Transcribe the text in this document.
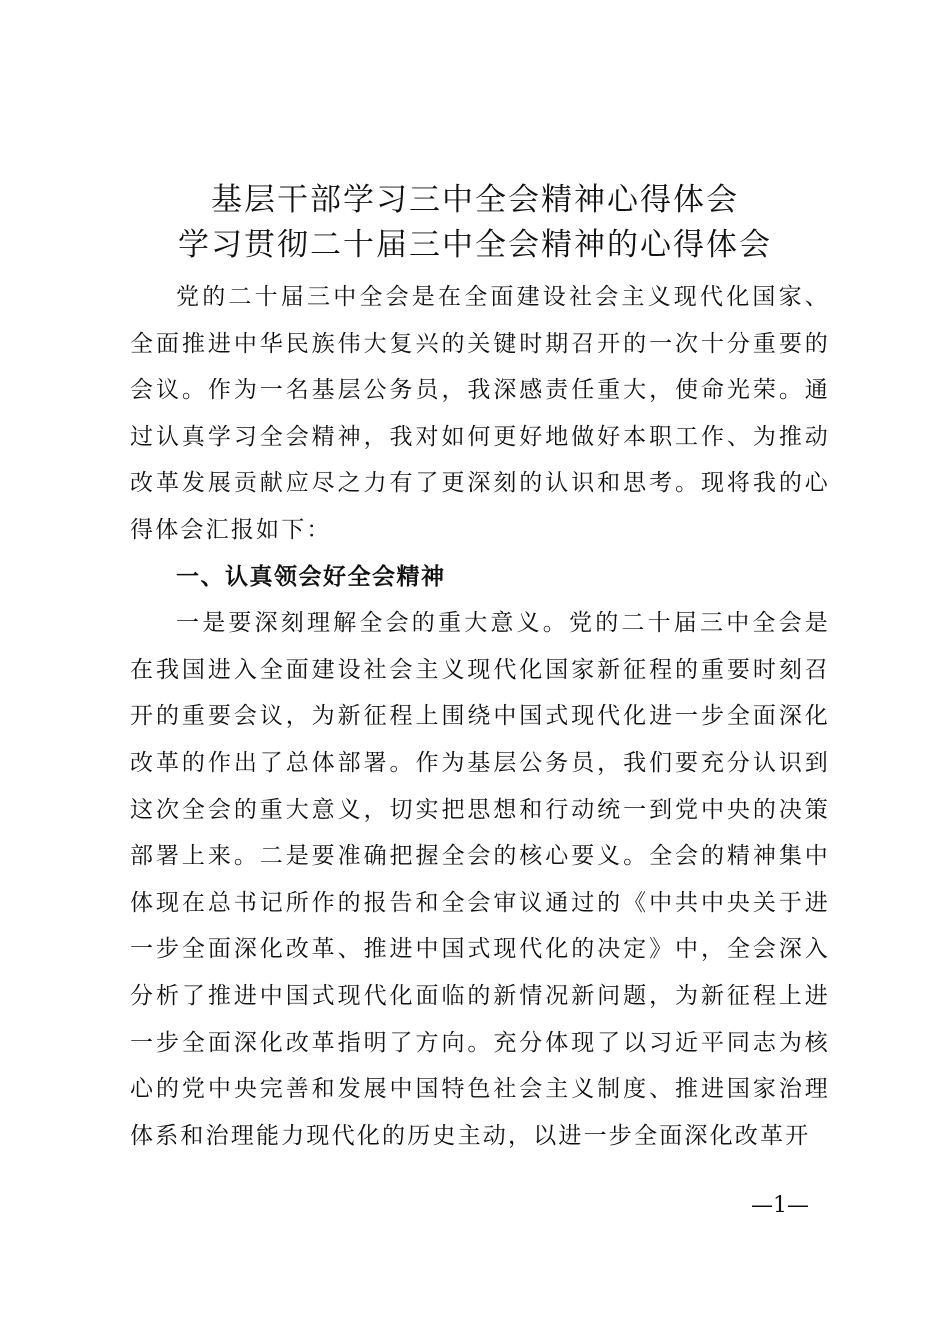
基层干部学习三中全会精神心得体会
学习贯彻二十届三中全会精神的心得体会

党的二十届三中全会是在全面建设社会主义现代化国家、全面推进中华民族伟大复兴的关键时期召开的一次十分重要的会议。作为一名基层公务员，我深感责任重大，使命光荣。通过认真学习全会精神，我对如何更好地做好本职工作、为推动改革发展贡献应尽之力有了更深刻的认识和思考。现将我的心得体会汇报如下：

一、认真领会好全会精神

一是要深刻理解全会的重大意义。党的二十届三中全会是在我国进入全面建设社会主义现代化国家新征程的重要时刻召开的重要会议，为新征程上围绕中国式现代化进一步全面深化改革的作出了总体部署。作为基层公务员，我们要充分认识到这次全会的重大意义，切实把思想和行动统一到党中央的决策部署上来。二是要准确把握全会的核心要义。全会的精神集中体现在总书记所作的报告和全会审议通过的《中共中央关于进一步全面深化改革、推进中国式现代化的决定》中，全会深入分析了推进中国式现代化面临的新情况新问题，为新征程上进一步全面深化改革指明了方向。充分体现了以习近平同志为核心的党中央完善和发展中国特色社会主义制度、推进国家治理体系和治理能力现代化的历史主动，以进一步全面深化改革开

—1—
